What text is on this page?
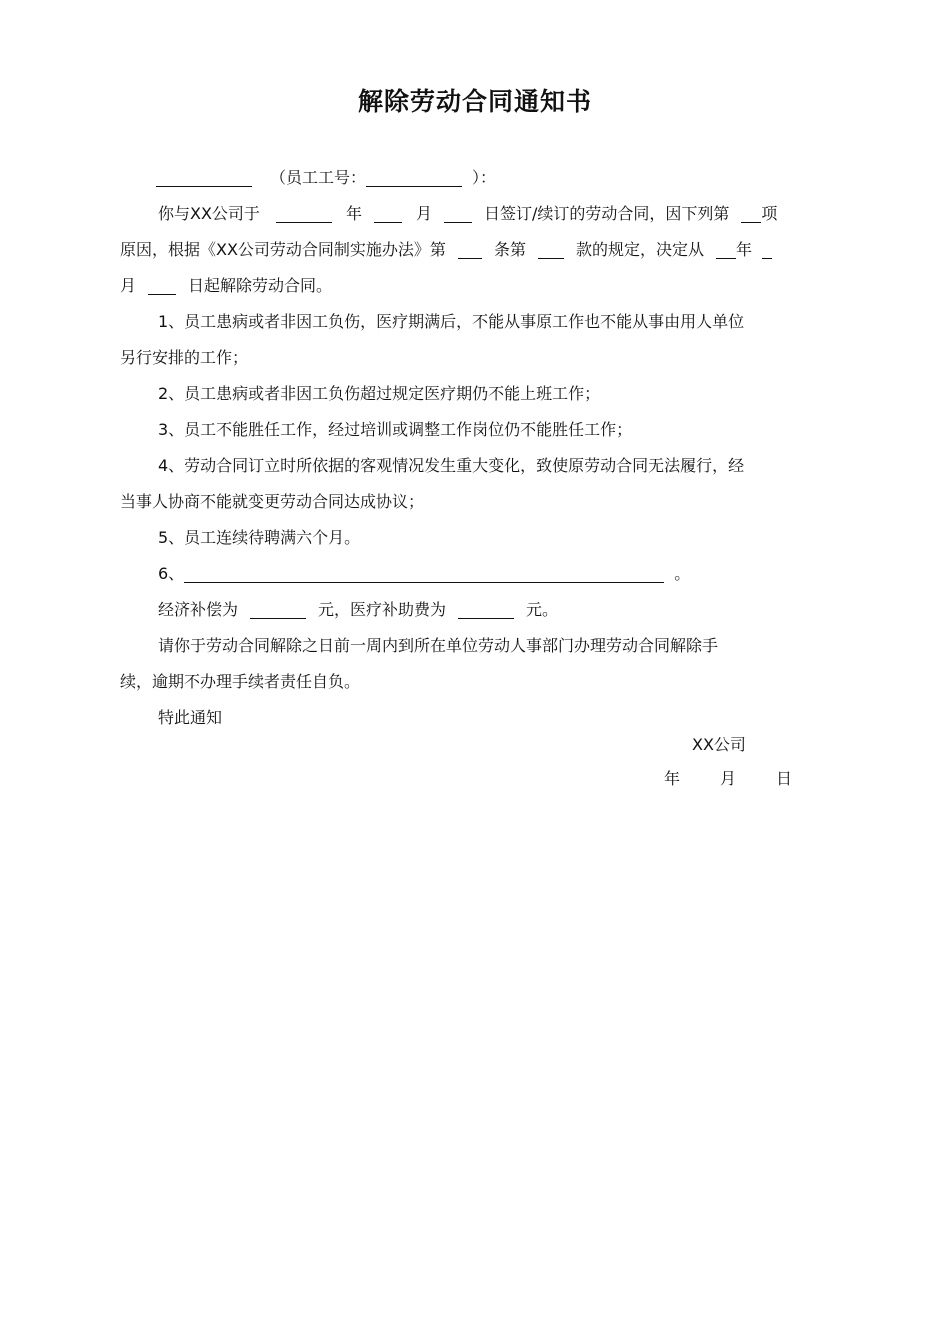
解除劳动合同通知书
（员工工号：	）：
你与XX公司于	年	月	日签订/续订的劳动合同，因下列第 项
原因，根据《XX公司劳动合同制实施办法》第	条第	款的规定，决定从 年
月	日起解除劳动合同。
1、员工患病或者非因工负伤，医疗期满后，不能从事原工作也不能从事由用人单位
另行安排的工作；
2、员工患病或者非因工负伤超过规定医疗期仍不能上班工作；
3、员工不能胜任工作，经过培训或调整工作岗位仍不能胜任工作；
4、劳动合同订立时所依据的客观情况发生重大变化，致使原劳动合同无法履行，经
当事人协商不能就变更劳动合同达成协议；
5、员工连续待聘满六个月。
6、	。
经济补偿为	元，医疗补助费为	元。
请你于劳动合同解除之日前一周内到所在单位劳动人事部门办理劳动合同解除手
续，逾期不办理手续者责任自负。
特此通知
XX公司
年	月	日
